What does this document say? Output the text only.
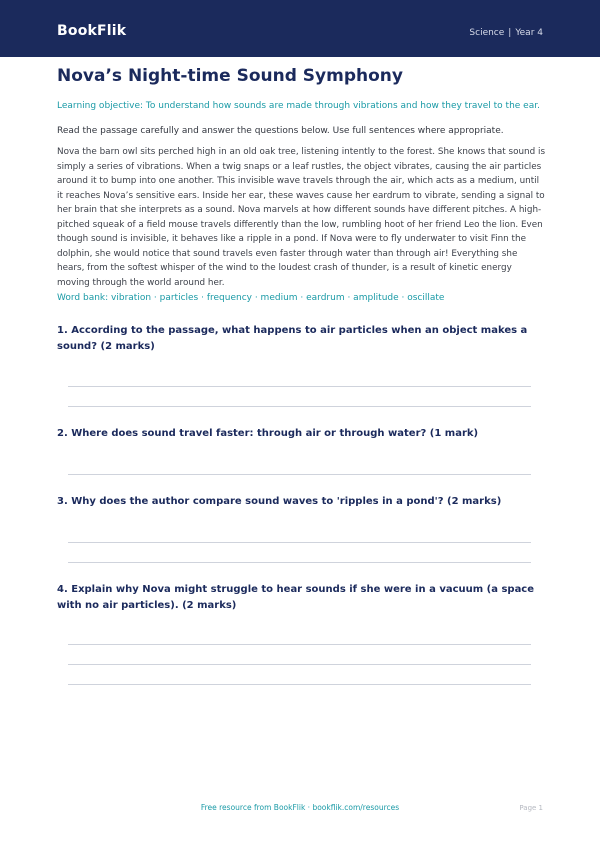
BookFlik	Science | Year 4
Nova’s Night-time Sound Symphony
Learning objective: To understand how sounds are made through vibrations and how they travel to the ear.
Read the passage carefully and answer the questions below. Use full sentences where appropriate.

Nova the barn owl sits perched high in an old oak tree, listening intently to the forest. She knows that sound is simply a series of vibrations. When a twig snaps or a leaf rustles, the object vibrates, causing the air particles around it to bump into one another. This invisible wave travels through the air, which acts as a medium, until it reaches Nova’s sensitive ears. Inside her ear, these waves cause her eardrum to vibrate, sending a signal to her brain that she interprets as a sound. Nova marvels at how different sounds have different pitches. A high-pitched squeak of a field mouse travels differently than the low, rumbling hoot of her friend Leo the lion. Even though sound is invisible, it behaves like a ripple in a pond. If Nova were to fly underwater to visit Finn the dolphin, she would notice that sound travels even faster through water than through air! Everything she hears, from the softest whisper of the wind to the loudest crash of thunder, is a result of kinetic energy moving through the world around her.

Word bank: vibration · particles · frequency · medium · eardrum · amplitude · oscillate

1. According to the passage, what happens to air particles when an object makes a sound? (2 marks)

2. Where does sound travel faster: through air or through water? (1 mark)

3. Why does the author compare sound waves to 'ripples in a pond'? (2 marks)

4. Explain why Nova might struggle to hear sounds if she were in a vacuum (a space with no air particles). (2 marks)

Free resource from BookFlik · bookflik.com/resources	Page 1
